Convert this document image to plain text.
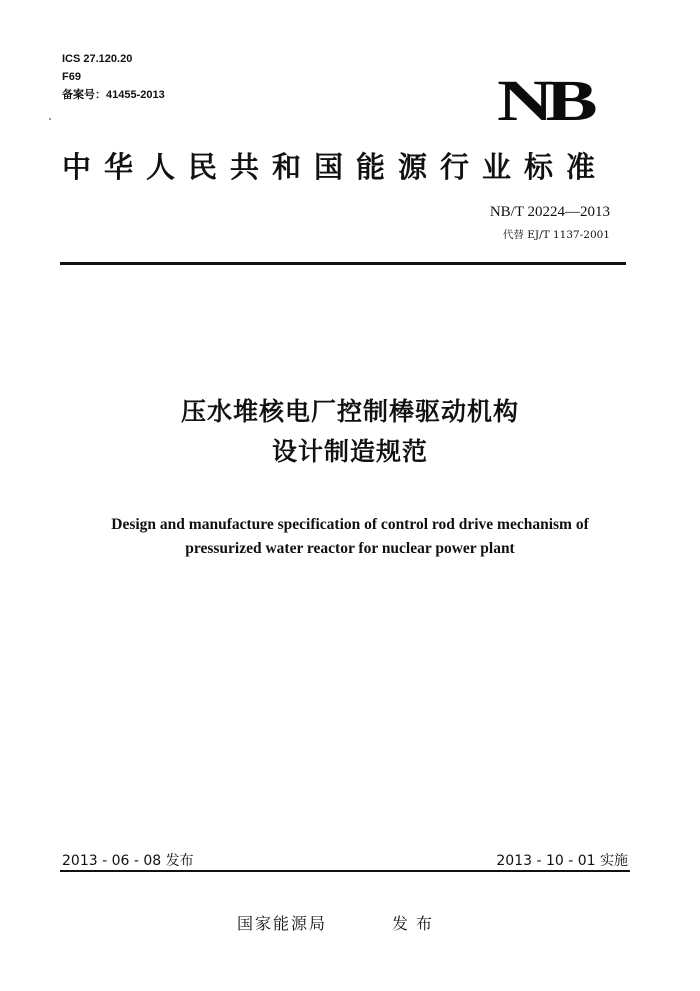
ICS 27.120.20
F69
备案号：41455-2013	NB
中华人民共和国能源行业标准
NB/T 20224—2013
代替 EJ/T 1137-2001
压水堆核电厂控制棒驱动机构
设计制造规范
Design and manufacture specification of control rod drive mechanism of
pressurized water reactor for nuclear power plant
2013 - 06 - 08 发布	2013 - 10 - 01 实施
国家能源局	发布
